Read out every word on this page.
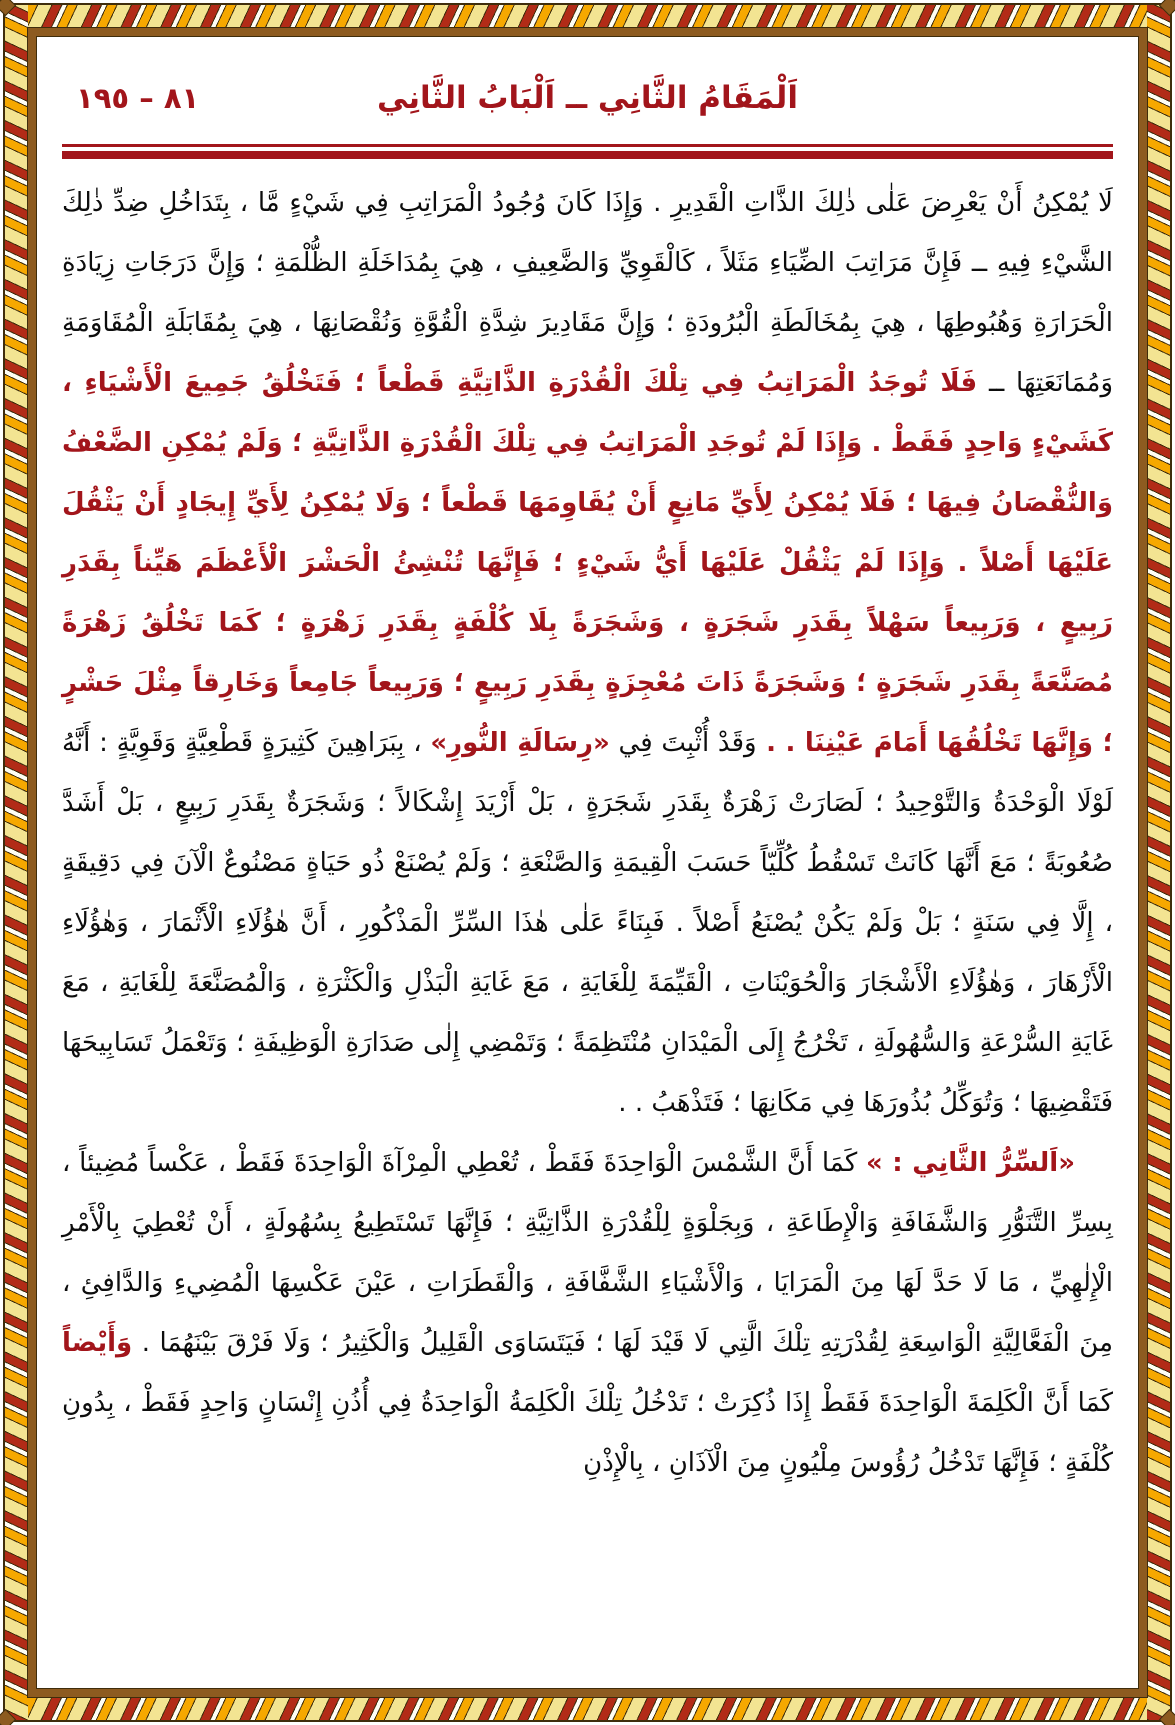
اَلْمَقَامُ الثَّانِي ــ اَلْبَابُ الثَّانِي
٨١ – ١٩٥

لَا يُمْكِنُ أَنْ يَعْرِضَ عَلٰى ذٰلِكَ الذَّاتِ الْقَدِيرِ . وَإِذَا كَانَ وُجُودُ الْمَرَاتِبِ فِي شَيْءٍ مَّا ، بِتَدَاخُلِ ضِدِّ ذٰلِكَ الشَّيْءِ فِيهِ ــ فَإِنَّ مَرَاتِبَ الضِّيَاءِ مَثَلاً ، كَالْقَوِيِّ وَالضَّعِيفِ ، هِيَ بِمُدَاخَلَةِ الظُّلْمَةِ ؛ وَإِنَّ دَرَجَاتِ زِيَادَةِ الْحَرَارَةِ وَهُبُوطِهَا ، هِيَ بِمُخَالَطَةِ الْبُرُودَةِ ؛ وَإِنَّ مَقَادِيرَ شِدَّةِ الْقُوَّةِ وَنُقْصَانِهَا ، هِيَ بِمُقَابَلَةِ الْمُقَاوَمَةِ وَمُمَانَعَتِهَا ــ فَلَا تُوجَدُ الْمَرَاتِبُ فِي تِلْكَ الْقُدْرَةِ الذَّاتِيَّةِ قَطْعاً ؛ فَتَخْلُقُ جَمِيعَ الْأَشْيَاءِ ، كَشَيْءٍ وَاحِدٍ فَقَطْ . وَإِذَا لَمْ تُوجَدِ الْمَرَاتِبُ فِي تِلْكَ الْقُدْرَةِ الذَّاتِيَّةِ ؛ وَلَمْ يُمْكِنِ الضَّعْفُ وَالنُّقْصَانُ فِيهَا ؛ فَلَا يُمْكِنُ لِأَيِّ مَانِعٍ أَنْ يُقَاوِمَهَا قَطْعاً ؛ وَلَا يُمْكِنُ لِأَيِّ إِيجَادٍ أَنْ يَثْقُلَ عَلَيْهَا أَصْلاً . وَإِذَا لَمْ يَثْقُلْ عَلَيْهَا أَيُّ شَيْءٍ ؛ فَإِنَّهَا تُنْشِئُ الْحَشْرَ الْأَعْظَمَ هَيِّناً بِقَدَرِ رَبِيعٍ ، وَرَبِيعاً سَهْلاً بِقَدَرِ شَجَرَةٍ ، وَشَجَرَةً بِلَا كُلْفَةٍ بِقَدَرِ زَهْرَةٍ ؛ كَمَا تَخْلُقُ زَهْرَةً مُصَنَّعَةً بِقَدَرِ شَجَرَةٍ ؛ وَشَجَرَةً ذَاتَ مُعْجِزَةٍ بِقَدَرِ رَبِيعٍ ؛ وَرَبِيعاً جَامِعاً وَخَارِقاً مِثْلَ حَشْرٍ ؛ وَإِنَّهَا تَخْلُقُهَا أَمَامَ عَيْنِنَا . . وَقَدْ أُثْبِتَ فِي «رِسَالَةِ النُّورِ» ، بِبَرَاهِينَ كَثِيرَةٍ قَطْعِيَّةٍ وَقَوِيَّةٍ : أَنَّهُ لَوْلَا الْوَحْدَةُ وَالتَّوْحِيدُ ؛ لَصَارَتْ زَهْرَةٌ بِقَدَرِ شَجَرَةٍ ، بَلْ أَزْيَدَ إِشْكَالاً ؛ وَشَجَرَةٌ بِقَدَرِ رَبِيعٍ ، بَلْ أَشَدَّ صُعُوبَةً ؛ مَعَ أَنَّهَا كَانَتْ تَسْقُطُ كُلِّيّاً حَسَبَ الْقِيمَةِ وَالصَّنْعَةِ ؛ وَلَمْ يُصْنَعْ ذُو حَيَاةٍ مَصْنُوعٌ الْآنَ فِي دَقِيقَةٍ ، إِلَّا فِي سَنَةٍ ؛ بَلْ وَلَمْ يَكُنْ يُصْنَعُ أَصْلاً . فَبِنَاءً عَلٰى هٰذَا السِّرِّ الْمَذْكُورِ ، أَنَّ هٰؤُلَاءِ الْأَثْمَارَ ، وَهٰؤُلَاءِ الْأَزْهَارَ ، وَهٰؤُلَاءِ الْأَشْجَارَ وَالْحُوَيْنَاتِ ، الْقَيِّمَةَ لِلْغَايَةِ ، مَعَ غَايَةِ الْبَذْلِ وَالْكَثْرَةِ ، وَالْمُصَنَّعَةَ لِلْغَايَةِ ، مَعَ غَايَةِ السُّرْعَةِ وَالسُّهُولَةِ ، تَخْرُجُ إِلَى الْمَيْدَانِ مُنْتَظِمَةً ؛ وَتَمْضِي إِلٰى صَدَارَةِ الْوَظِيفَةِ ؛ وَتَعْمَلُ تَسَابِيحَهَا فَتَقْضِيهَا ؛ وَتُوَكِّلُ بُذُورَهَا فِي مَكَانِهَا ؛ فَتَذْهَبُ . .

«اَلسِّرُّ الثَّانِي : » كَمَا أَنَّ الشَّمْسَ الْوَاحِدَةَ فَقَطْ ، تُعْطِي الْمِرْآةَ الْوَاحِدَةَ فَقَطْ ، عَكْساً مُضِيئاً ، بِسِرِّ التَّنَوُّرِ وَالشَّفَافَةِ وَالْإِطَاعَةِ ، وَبِجَلْوَةٍ لِلْقُدْرَةِ الذَّاتِيَّةِ ؛ فَإِنَّهَا تَسْتَطِيعُ بِسُهُولَةٍ ، أَنْ تُعْطِيَ بِالْأَمْرِ الْإِلٰهِيِّ ، مَا لَا حَدَّ لَهَا مِنَ الْمَرَايَا ، وَالْأَشْيَاءِ الشَّفَّافَةِ ، وَالْقَطَرَاتِ ، عَيْنَ عَكْسِهَا الْمُضِيءِ وَالدَّافِئِ ، مِنَ الْفَعَّالِيَّةِ الْوَاسِعَةِ لِقُدْرَتِهِ تِلْكَ الَّتِي لَا قَيْدَ لَهَا ؛ فَيَتَسَاوَى الْقَلِيلُ وَالْكَثِيرُ ؛ وَلَا فَرْقَ بَيْنَهُمَا . وَأَيْضاً كَمَا أَنَّ الْكَلِمَةَ الْوَاحِدَةَ فَقَطْ إِذَا ذُكِرَتْ ؛ تَدْخُلُ تِلْكَ الْكَلِمَةُ الْوَاحِدَةُ فِي أُذُنِ إِنْسَانٍ وَاحِدٍ فَقَطْ ، بِدُونِ كُلْفَةٍ ؛ فَإِنَّهَا تَدْخُلُ رُؤُوسَ مِلْيُونٍ مِنَ الْآذَانِ ، بِالْإِذْنِ
